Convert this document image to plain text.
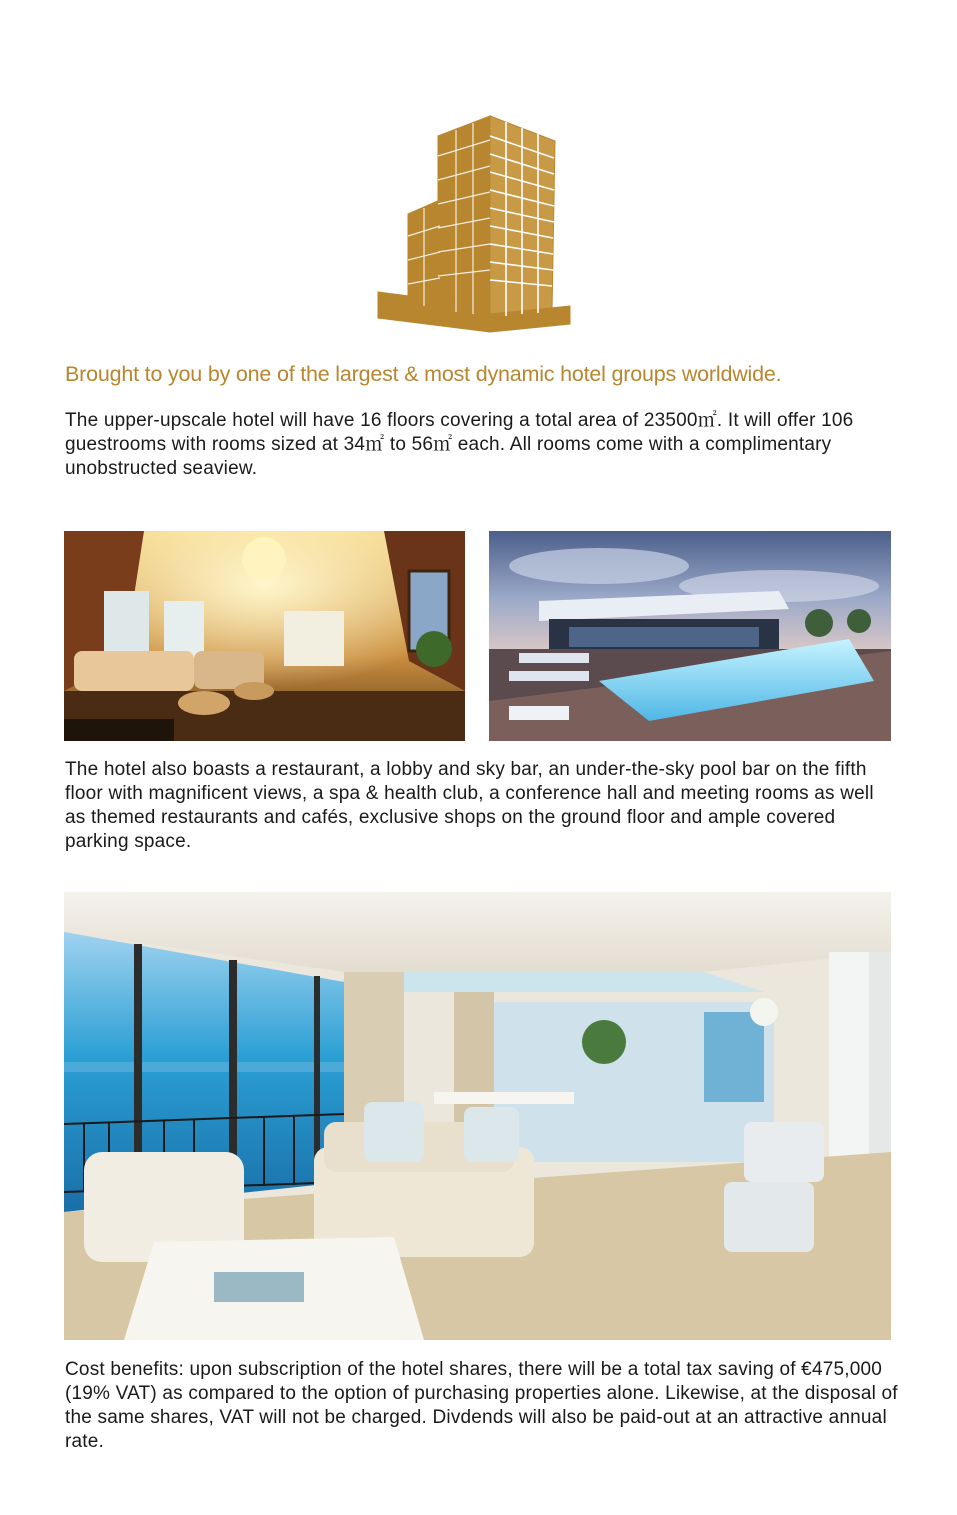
Brought to you by one of the largest & most dynamic hotel groups worldwide.

The upper-upscale hotel will have 16 floors covering a total area of 23500㎡. It will offer 106 guestrooms with rooms sized at 34㎡ to 56㎡ each. All rooms come with a complimentary unobstructed seaview.

The hotel also boasts a restaurant, a lobby and sky bar, an under-the-sky pool bar on the fifth floor with magnificent views, a spa & health club, a conference hall and meeting rooms as well as themed restaurants and cafés, exclusive shops on the ground floor and ample covered parking space.

Cost benefits: upon subscription of the hotel shares, there will be a total tax saving of €475,000 (19% VAT) as compared to the option of purchasing properties alone. Likewise, at the disposal of the same shares, VAT will not be charged. Divdends will also be paid-out at an attractive annual rate.
